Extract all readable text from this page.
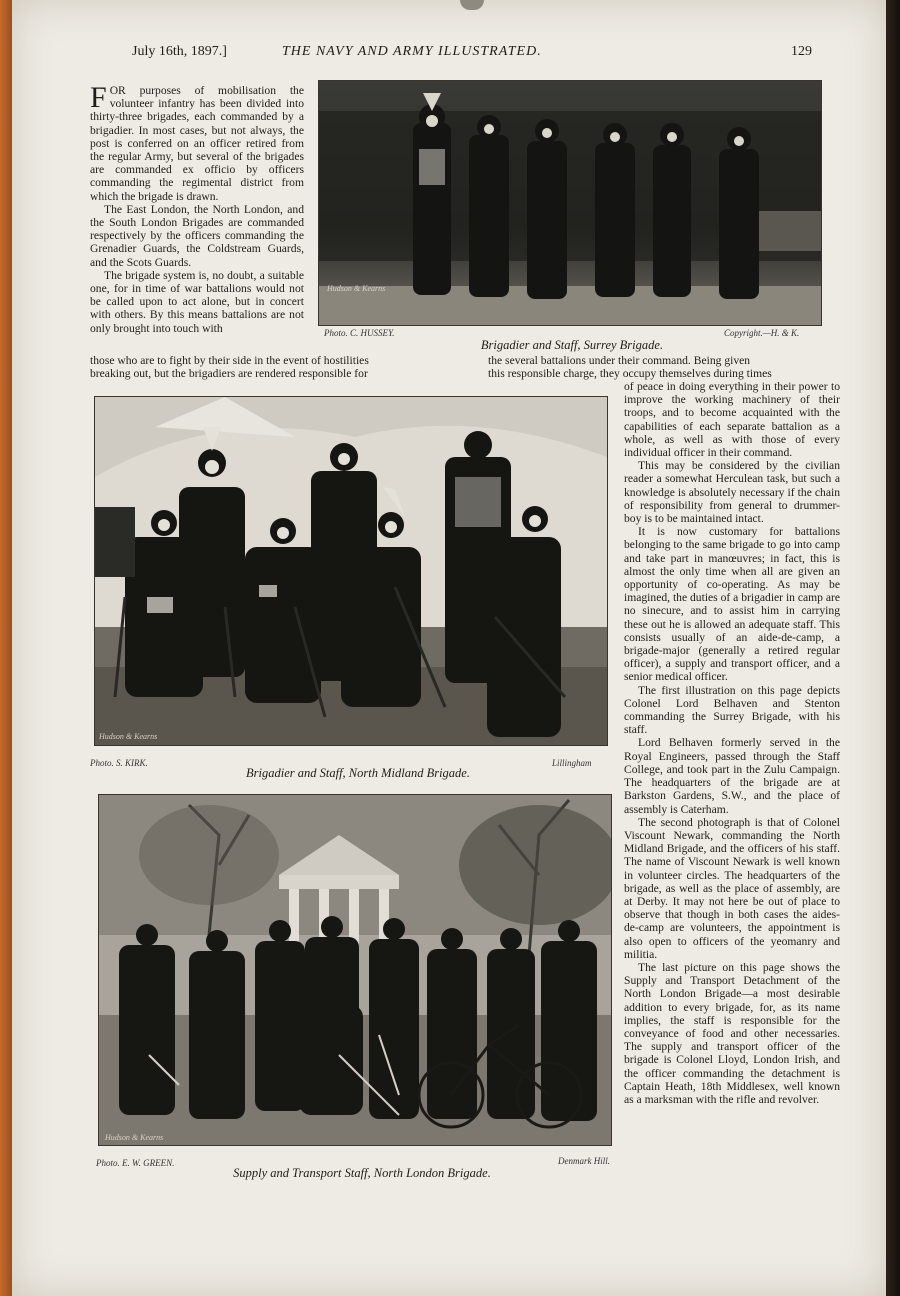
July 16th, 1897.]	THE NAVY AND ARMY ILLUSTRATED.	129

FOR purposes of mobilisation the volunteer infantry has been divided into thirty-three brigades, each commanded by a brigadier. In most cases, but not always, the post is conferred on an officer retired from the regular Army, but several of the brigades are commanded ex officio by officers commanding the regimental district from which the brigade is drawn.

The East London, the North London, and the South London Brigades are commanded respectively by the officers commanding the Grenadier Guards, the Coldstream Guards, and the Scots Guards.

The brigade system is, no doubt, a suitable one, for in time of war battalions would not be called upon to act alone, but in concert with others. By this means battalions are not only brought into touch with

those who are to fight by their side in the event of hostilities
breaking out, but the brigadiers are rendered responsible for
Hudson & Kearns
Photo. C. HUSSEY.	Copyright.—H. & K.
Brigadier and Staff, Surrey Brigade.
the several battalions under their command. Being given
this responsible charge, they occupy themselves during times

of peace in doing everything in their power to improve the working machinery of their troops, and to become acquainted with the capabilities of each separate battalion as a whole, as well as with those of every individual officer in their command.

This may be considered by the civilian reader a somewhat Herculean task, but such a knowledge is absolutely necessary if the chain of responsibility from general to drummer-boy is to be maintained intact.

It is now customary for battalions belonging to the same brigade to go into camp and take part in manœuvres; in fact, this is almost the only time when all are given an opportunity of co-operating. As may be imagined, the duties of a brigadier in camp are no sinecure, and to assist him in carrying these out he is allowed an adequate staff. This consists usually of an aide-de-camp, a brigade-major (generally a retired regular officer), a supply and transport officer, and a senior medical officer.

The first illustration on this page depicts Colonel Lord Belhaven and Stenton commanding the Surrey Brigade, with his staff.

Lord Belhaven formerly served in the Royal Engineers, passed through the Staff College, and took part in the Zulu Campaign. The headquarters of the brigade are at Barkston Gardens, S.W., and the place of assembly is Caterham.

The second photograph is that of Colonel Viscount Newark, commanding the North Midland Brigade, and the officers of his staff. The name of Viscount Newark is well known in volunteer circles. The headquarters of the brigade, as well as the place of assembly, are at Derby. It may not here be out of place to observe that though in both cases the aides-de-camp are volunteers, the appointment is also open to officers of the yeomanry and militia.

The last picture on this page shows the Supply and Transport Detachment of the North London Brigade—a most desirable addition to every brigade, for, as its name implies, the staff is responsible for the conveyance of food and other necessaries. The supply and transport officer of the brigade is Colonel Lloyd, London Irish, and the officer commanding the detachment is Captain Heath, 18th Middlesex, well known as a marksman with the rifle and revolver.

Hudson & Kearns
Photo. S. KIRK.	Lillingham
Brigadier and Staff, North Midland Brigade.
Hudson & Kearns
Photo. E. W. GREEN.	Denmark Hill.
Supply and Transport Staff, North London Brigade.
